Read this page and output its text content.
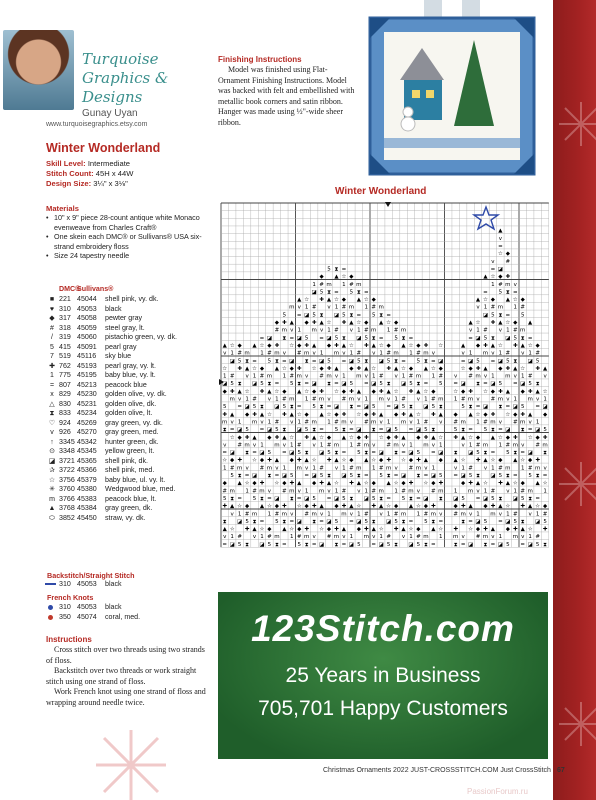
Turquoise
Graphics &
Designs
Gunay Uyan
www.turquoisegraphics.etsy.com
Winter Wonderland
Skill Level: Intermediate
Stitch Count: 45H x 44W
Design Size: 3¼" x 3⅛"
Materials
• 10" x 9" piece 28-count antique white Monaco evenweave from Charles Craft®
• One skein each DMC® or Sullivans® USA six-strand embroidery floss
• Size 24 tapestry needle
DMC®
Sullivans®
■ 221 45044	shell pink, vy. dk.
♥ 310 45053	black
◆ 317 45058	pewter gray
# 318 45059	steel gray, lt.
/ 319 45060	pistachio green, vy. dk.
5 415 45091	pearl gray
7 519 45116	sky blue
✚ 762 45193	pearl gray, vy. lt.
1 775 45195	baby blue, vy. lt.
= 807 45213	peacock blue
x 829 45230	golden olive, vy. dk.
△ 830 45231	golden olive, dk.
⧗ 833 45234	golden olive, lt.
♡ 924 45269	gray green, vy. dk.
v 926 45270	gray green, med.
↑ 3345 45342	hunter green, dk.
⊙ 3348 45345	yellow green, lt.
◪ 3721 45365	shell pink, dk.
✰ 3722 45366	shell pink, med.
☆ 3756 45379	baby blue, ul. vy. lt.
✳ 3760 45380	Wedgwood blue, med.
m 3766 45383	peacock blue, lt.
▲ 3768 45384	gray green, dk.
⬭ 3852 45450	straw, vy. dk.
Backstitch/Straight Stitch
310 45053	black
French Knots
310 45053	black
350 45074	coral, med.
Instructions

Cross stitch over two threads using two strands of floss.

Backstitch over two threads or work straight stitch using one strand of floss.

Work French knot using one strand of floss and wrapping around needle twice.

Finishing Instructions

Model was finished using Flat-Ornament Finishing Instructions. Model was backed with felt and embellished with metallic book corners and satin ribbon. Hanger was made using ½"-wide sheer ribbon.

Winter Wonderland
▲
v
=
☆ ◆
v #
5 ⧗ =	= ◪
◆ ▲ ☆ ◆	▲ ☆ ◆ ✚
1 # m 1 # m	1 # m v
◪ 5 ⧗ = 5 ⧗ =	= 5 ⧗ =
▲ ☆ ✚ ▲ ☆ ◆ ▲ ☆ ◆	▲ ☆ ◆ ▲ ☆ ◆
m v 1 # v 1 # m 1 # m	v 1 # m 1 #
5 = ◪ 5 ⧗ ◪ 5 ⧗ = 5 ⧗ =	◪ 5 ⧗ = 5
◆ ✚ ▲ ◆ ✚ ▲ ☆ ✚ ▲ ☆ ◆ ▲ ☆ ◆	▲ ☆ ✚ ▲ ☆ ◆ ▲
# m v 1 m v 1 # v 1 # m 1 # m	v 1 # v 1 # m
= ◪ ⧗ = ◪ 5 = ◪ 5 ⧗ ◪ 5 ⧗ = 5 ⧗ =	= ◪ 5 ⧗ ◪ 5 ⧗ =
▲ ☆ ◆ ▲ ☆ ◆ ✚ ☆ ◆ ✚ ▲ ◆ ✚ ▲ ☆ ✚ ▲ ☆ ◆ ▲ ☆ ◆ ✚ ☆	▲ ◆ ✚ ▲ ☆ ✚ ▲ ☆ ◆
v 1 # m 1 # m v # m v 1 m v 1 # v 1 # m 1 # m v	v 1 m v 1 # v 1 #
◪ 5 ⧗ = 5 ⧗ = ◪ ⧗ = ◪ 5 = ◪ 5 ⧗ ◪ 5 ⧗ = 5 ⧗ = ◪	= ◪ 5 = ◪ 5 ⧗ ◪ 5
☆ ✚ ▲ ☆ ◆ ▲ ☆ ◆ ✚ ☆ ◆ ✚ ▲ ◆ ✚ ▲ ☆ ✚ ▲ ☆ ◆ ▲ ☆ ◆	☆ ◆ ✚ ▲ ◆ ✚ ▲ ☆ ✚ ▲
1 # v 1 # m 1 # m v # m v 1 m v 1 # v 1 # m 1 # v # m v 1 m v 1 # v
◪ 5 ⧗ ◪ 5 ⧗ = 5 ⧗ = ◪ ⧗ = ◪ 5 = ◪ 5 ⧗ ◪ 5 ⧗ = 5 = ◪ ⧗ = ◪ 5 = ◪ 5 ⧗
◆ ✚ ▲ ☆ ✚ ▲ ☆ ◆ ▲ ☆ ◆ ✚ ☆ ◆ ✚ ▲ ◆ ✚ ▲ ☆ ✚ ▲ ☆ ◆	☆ ◆ ✚ ☆ ◆ ✚ ▲ ◆ ✚ ▲ ☆
m v 1 # v 1 # m 1 # m v # m v 1 m v 1 # v 1 # m 1 # m v # m v 1 m v 1
5 = ◪ 5 ⧗ ◪ 5 ⧗ = 5 ⧗ = ◪ ⧗ = ◪ 5 = ◪ 5 ⧗ ◪ 5 ⧗	5 ⧗ = ◪ ⧗ = ◪ 5 = ◪
✚ ▲ ◆ ✚ ▲ ☆ ✚ ▲ ☆ ◆ ▲ ☆ ◆ ✚ ☆ ◆ ✚ ▲ ◆ ✚ ▲ ☆ ✚ ▲ ◆ ▲ ☆ ◆ ✚ ☆ ◆ ✚ ▲ ◆
m v 1 m v 1 # v 1 # m 1 # m v # m v 1 m v 1 # v # m 1 # m v # m v 1
⧗ = ◪ 5 = ◪ 5 ⧗ ◪ 5 ⧗ = 5 ⧗ = ◪ ⧗ = ◪ 5 = ◪ 5 ⧗	5 ⧗ = 5 ⧗ = ◪ ⧗ = ◪ 5
☆ ◆ ✚ ▲ ◆ ✚ ▲ ☆ ✚ ▲ ☆ ◆ ▲ ☆ ◆ ✚ ☆ ◆ ✚ ▲ ◆ ✚ ▲ ☆ ✚ ▲ ☆ ◆ ▲ ☆ ◆ ✚ ☆ ◆ ✚
v # m v 1 m v 1 # v 1 # m 1 # m v # m v 1 m v 1	v 1 # m 1 # m v # m
= ◪ ⧗ = ◪ 5 = ◪ 5 ⧗ ◪ 5 ⧗ = 5 ⧗ = ◪ ⧗ = ◪ 5 = ◪ ⧗ ◪ 5 ⧗ = 5 ⧗ = ◪ ⧗
☆ ◆ ✚ ☆ ◆ ✚ ▲ ◆ ✚ ▲ ☆ ✚ ▲ ☆ ◆ ▲ ☆ ◆ ✚ ☆ ◆ ✚ ▲ ◆ ▲ ☆ ✚ ▲ ☆ ◆ ▲ ☆ ◆ ✚
1 # m v # m v 1 m v 1 # v 1 # m 1 # m v # m v 1	v 1 # v 1 # m 1 # m v
5 ⧗ = ◪ ⧗ = ◪ 5 = ◪ 5 ⧗ ◪ 5 ⧗ = 5 ⧗ = ◪ ⧗ = ◪ 5 = ◪ 5 ⧗ ◪ 5 ⧗ = 5 ⧗ =
◆ ▲ ☆ ◆ ✚ ☆ ◆ ✚ ▲ ◆ ✚ ▲ ☆ ✚ ▲ ☆ ◆ ▲ ☆ ◆ ✚ ☆ ◆ ✚	◆ ✚ ▲ ☆ ✚ ▲ ☆ ◆ ▲ ☆
# m 1 # m v # m v 1 m v 1 # v 1 # m 1 # m v # m 1 m v 1 # v 1 # m 1
5 ⧗ = 5 ⧗ = ◪ ⧗ = ◪ 5 = ◪ 5 ⧗ ◪ 5 ⧗ = 5 ⧗ = ◪ ⧗ ◪ 5 = ◪ 5 ⧗ ◪ 5 ⧗ =
✚ ▲ ☆ ◆ ▲ ☆ ◆ ✚ ☆ ◆ ✚ ▲ ◆ ✚ ▲ ☆ ✚ ▲ ☆ ◆ ▲ ☆ ◆ ✚	◆ ✚ ▲ ◆ ✚ ▲ ☆ ✚ ▲ ☆ ◆
v 1 # m 1 # m v # m v 1 m v 1 # v 1 # m 1 # m v # m v 1 m v 1 # v 1 #
⧗ ◪ 5 ⧗ = 5 ⧗ = ◪ ⧗ = ◪ 5 = ◪ 5 ⧗ ◪ 5 ⧗ = 5 ⧗ =	⧗ = ◪ 5 = ◪ 5 ⧗ ◪ 5
▲ ☆ ✚ ▲ ☆ ◆ ▲ ☆ ◆ ✚ ☆ ◆ ✚ ▲ ◆ ✚ ▲ ☆ ✚ ▲ ☆ ◆ ▲ ☆ ✚ ☆ ◆ ✚ ▲ ◆ ✚ ▲ ☆ ✚
v 1 # v 1 # m 1 # m v # m v 1 m v 1 # v 1 # m 1 m v # m v 1 m v 1 #
= ◪ 5 ⧗ ◪ 5 ⧗ = 5 ⧗ = ◪ ⧗ = ◪ 5 = ◪ 5 ⧗ ◪ 5 ⧗ =	⧗ = ◪ ⧗ = ◪ 5 = ◪ 5 ⧗
123Stitch.com
25 Years in Business
705,701 Happy Customers
Christmas Ornaments 2022 JUST-CROSSSTITCH.COM Just CrossStitch 67
PassionForum.ru
